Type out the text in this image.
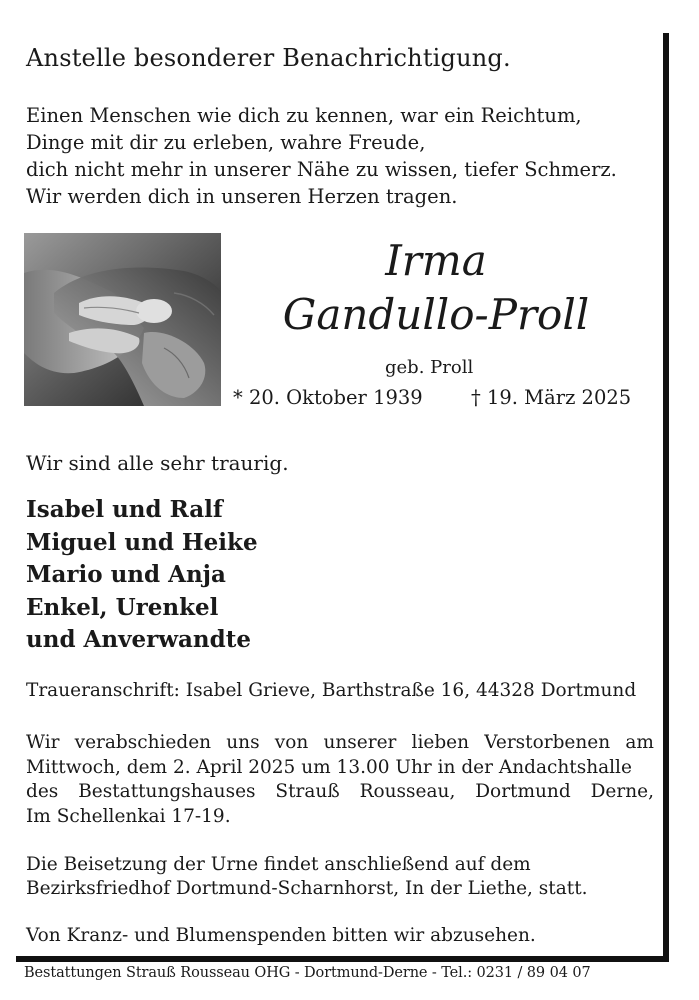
Anstelle besonderer Benachrichtigung.
Einen Menschen wie dich zu kennen, war ein Reichtum,
Dinge mit dir zu erleben, wahre Freude,
dich nicht mehr in unserer Nähe zu wissen, tiefer Schmerz.
Wir werden dich in unseren Herzen tragen.
Irma
Gandullo-Proll
geb. Proll
* 20. Oktober 1939 † 19. März 2025
Wir sind alle sehr traurig.
Isabel und Ralf
Miguel und Heike
Mario und Anja
Enkel, Urenkel
und Anverwandte
Traueranschrift: Isabel Grieve, Barthstraße 16, 44328 Dortmund
Wir verabschieden uns von unserer lieben Verstorbenen am
Mittwoch, dem 2. April 2025 um 13.00 Uhr in der Andachtshalle
des Bestattungshauses Strauß Rousseau, Dortmund Derne,
Im Schellenkai 17-19.
Die Beisetzung der Urne findet anschließend auf dem
Bezirksfriedhof Dortmund-Scharnhorst, In der Liethe, statt.
Von Kranz- und Blumenspenden bitten wir abzusehen.
Bestattungen Strauß Rousseau OHG - Dortmund-Derne - Tel.: 0231 / 89 04 07
